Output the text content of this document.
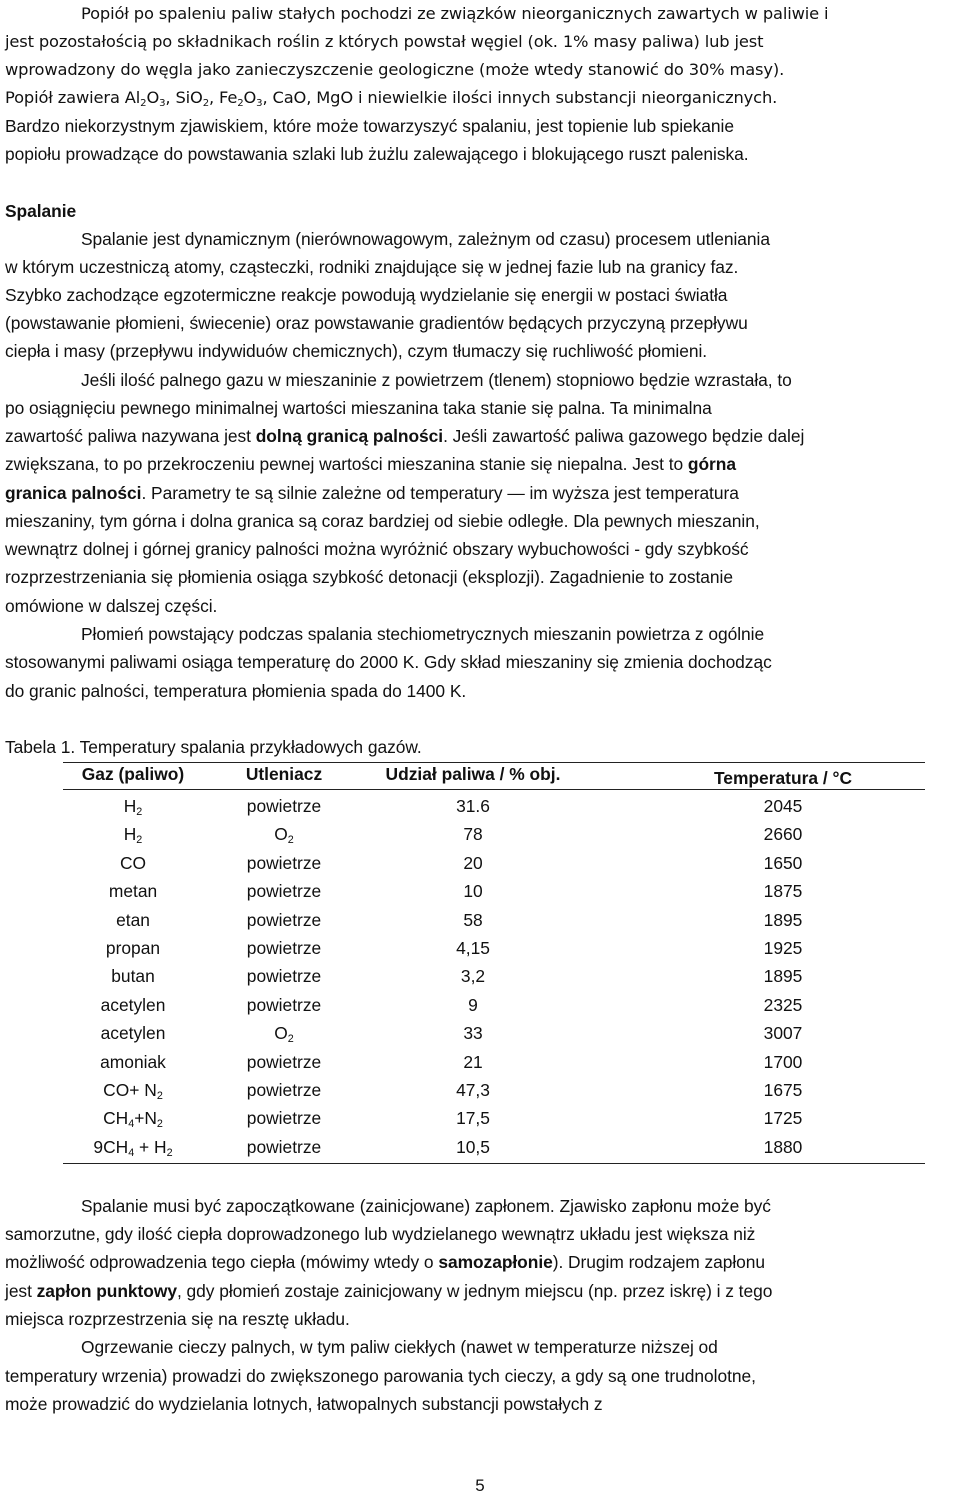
Popiół po spaleniu paliw stałych pochodzi ze związków nieorganicznych zawartych w paliwie i
jest pozostałością po składnikach roślin z których powstał węgiel (ok. 1% masy paliwa) lub jest
wprowadzony do węgla jako zanieczyszczenie geologiczne (może wtedy stanowić do 30% masy).
Popiół zawiera $Al_2O_3$, SiO$_2$, $Fe_2O_3$, CaO, MgO i niewielkie ilości innych substancji nieorganicznych.
Bardzo niekorzystnym zjawiskiem, które może towarzyszyć spalaniu, jest topienie lub spiekanie
popiołu prowadzące do powstawania szlaki lub żużlu zalewającego i blokującego ruszt paleniska.
Spalanie
Spalanie jest dynamicznym (nierównowagowym, zależnym od czasu) procesem utleniania
w którym uczestniczą atomy, cząsteczki, rodniki znajdujące się w jednej fazie lub na granicy faz.
Szybko zachodzące egzotermiczne reakcje powodują wydzielanie się energii w postaci światła
(powstawanie płomieni, świecenie) oraz powstawanie gradientów będących przyczyną przepływu
ciepła i masy (przepływu indywiduów chemicznych), czym tłumaczy się ruchliwość płomieni.
Jeśli ilość palnego gazu w mieszaninie z powietrzem (tlenem) stopniowo będzie wzrastała, to
po osiągnięciu pewnego minimalnej wartości mieszanina taka stanie się palna. Ta minimalna
zawartość paliwa nazywana jest dolną granicą palności. Jeśli zawartość paliwa gazowego będzie dalej
zwiększana, to po przekroczeniu pewnej wartości mieszanina stanie się niepalna. Jest to górna
granica palności. Parametry te są silnie zależne od temperatury — im wyższa jest temperatura
mieszaniny, tym górna i dolna granica są coraz bardziej od siebie odległe. Dla pewnych mieszanin,
wewnątrz dolnej i górnej granicy palności można wyróżnić obszary wybuchowości - gdy szybkość
rozprzestrzeniania się płomienia osiąga szybkość detonacji (eksplozji). Zagadnienie to zostanie
omówione w dalszej części.
Płomień powstający podczas spalania stechiometrycznych mieszanin powietrza z ogólnie
stosowanymi paliwami osiąga temperaturę do 2000 K. Gdy skład mieszaniny się zmienia dochodząc
do granic palności, temperatura płomienia spada do 1400 K.
Tabela 1. Temperatury spalania przykładowych gazów.
Gaz (paliwo)	Utleniacz	Udział paliwa / % obj.	Temperatura / °C
$H_2$	powietrze	31.6	2045
$H_2$	$O_2$	78	2660
CO	powietrze	20	1650
metan	powietrze	10	1875
etan	powietrze	58	1895
propan	powietrze	4,15	1925
butan	powietrze	3,2	1895
acetylen	powietrze	9	2325
acetylen	$O_2$	33	3007
amoniak	powietrze	21	1700
$CO+ N_2$	powietrze	47,3	1675
$CH_4+N_2$	powietrze	17,5	1725
$9CH_4 + H_2$	powietrze	10,5	1880
Spalanie musi być zapoczątkowane (zainicjowane) zapłonem. Zjawisko zapłonu może być
samorzutne, gdy ilość ciepła doprowadzonego lub wydzielanego wewnątrz układu jest większa niż
możliwość odprowadzenia tego ciepła (mówimy wtedy o samozapłonie). Drugim rodzajem zapłonu
jest zapłon punktowy, gdy płomień zostaje zainicjowany w jednym miejscu (np. przez iskrę) i z tego
miejsca rozprzestrzenia się na resztę układu.
Ogrzewanie cieczy palnych, w tym paliw ciekłych (nawet w temperaturze niższej od
temperatury wrzenia) prowadzi do zwiększonego parowania tych cieczy, a gdy są one trudnolotne,
może prowadzić do wydzielania lotnych, łatwopalnych substancji powstałych z
5
